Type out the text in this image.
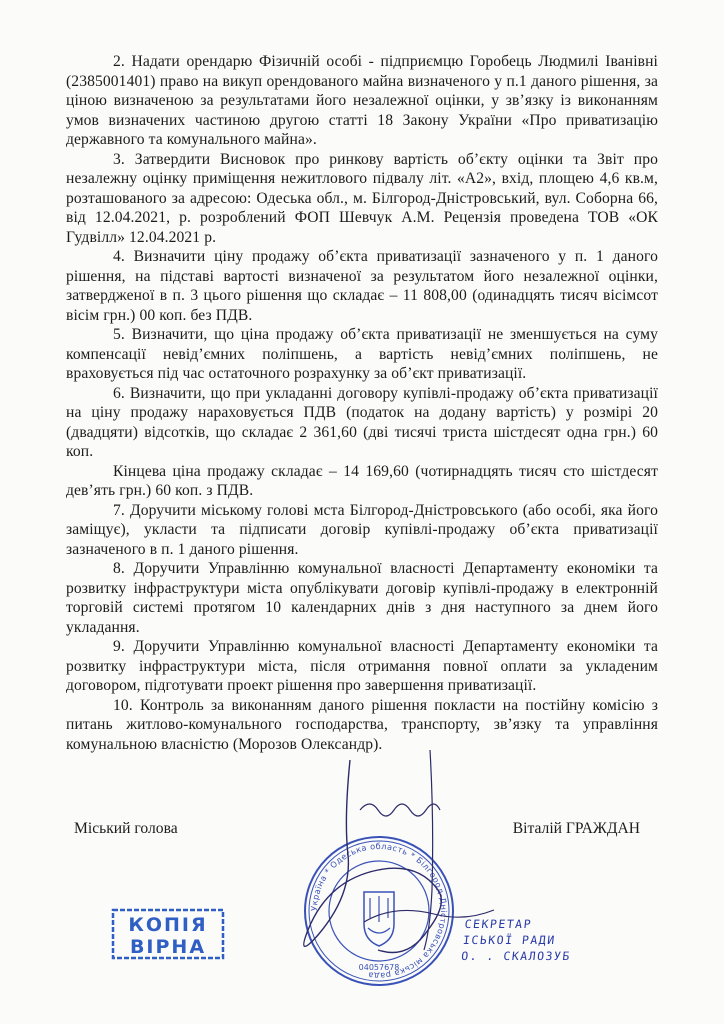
2. Надати орендарю Фізичній особі - підприємцю Горобець Людмилі Іванівні (2385001401) право на викуп орендованого майна визначеного у п.1 даного рішення, за ціною визначеною за результатами його незалежної оцінки, у зв’язку із виконанням умов визначених частиною другою статті 18 Закону України «Про приватизацію державного та комунального майна».

3. Затвердити Висновок про ринкову вартість об’єкту оцінки та Звіт про незалежну оцінку приміщення нежитлового підвалу літ. «А2», вхід, площею 4,6 кв.м, розташованого за адресою: Одеська обл., м. Білгород-Дністровський, вул. Соборна 66, від 12.04.2021, р. розроблений ФОП Шевчук А.М. Рецензія проведена ТОВ «ОК Гудвілл» 12.04.2021 р.

4. Визначити ціну продажу об’єкта приватизації зазначеного у п. 1 даного рішення, на підставі вартості визначеної за результатом його незалежної оцінки, затвердженої в п. 3 цього рішення що складає – 11 808,00 (одинадцять тисяч вісімсот вісім грн.) 00 коп. без ПДВ.

5. Визначити, що ціна продажу об’єкта приватизації не зменшується на суму компенсації невід’ємних поліпшень, а вартість невід’ємних поліпшень, не враховується під час остаточного розрахунку за об’єкт приватизації.

6. Визначити, що при укладанні договору купівлі-продажу об’єкта приватизації на ціну продажу нараховується ПДВ (податок на додану вартість) у розмірі 20 (двадцяти) відсотків, що складає 2 361,60 (дві тисячі триста шістдесят одна грн.) 60 коп.

Кінцева ціна продажу складає – 14 169,60 (чотирнадцять тисяч сто шістдесят дев’ять грн.) 60 коп. з ПДВ.

7. Доручити міському голові мста Білгород-Дністровського (або особі, яка його заміщує), укласти та підписати договір купівлі-продажу об’єкта приватизації зазначеного в п. 1 даного рішення.

8. Доручити Управлінню комунальної власності Департаменту економіки та розвитку інфраструктури міста опублікувати договір купівлі-продажу в електронній торговій системі протягом 10 календарних днів з дня наступного за днем його укладання.

9. Доручити Управлінню комунальної власності Департаменту економіки та розвитку інфраструктури міста, після отримання повної оплати за укладеним договором, підготувати проект рішення про завершення приватизації.

10. Контроль за виконанням даного рішення покласти на постійну комісію з питань житлово-комунального господарства, транспорту, зв’язку та управління комунальною власністю (Морозов Олександр).

Міський голова	Віталій ГРАЖДАН
КОПІЯ
ВІРНА
Україна * Одеська область * Білгород-Дністровська міська рада
04057678
СЕКРЕТАР
ІСЬКОЇ РАДИ
О. . СКАЛОЗУБ
